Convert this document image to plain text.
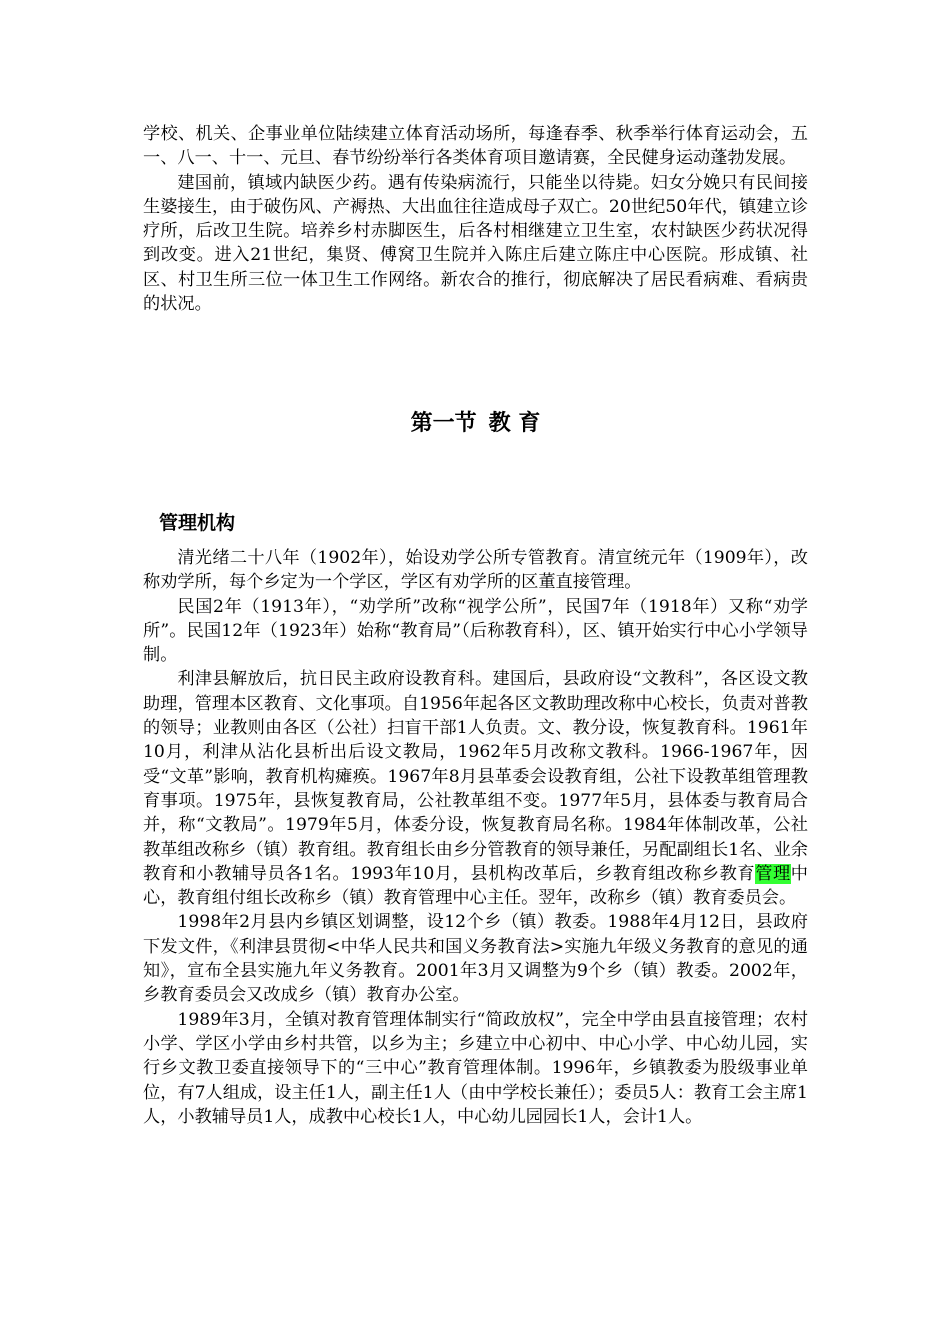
学校、机关、企事业单位陆续建立体育活动场所，每逢春季、秋季举行体育运动会，五一、八一、十一、元旦、春节纷纷举行各类体育项目邀请赛，全民健身运动蓬勃发展。

建国前，镇域内缺医少药。遇有传染病流行，只能坐以待毙。妇女分娩只有民间接生婆接生，由于破伤风、产褥热、大出血往往造成母子双亡。20世纪50年代，镇建立诊疗所，后改卫生院。培养乡村赤脚医生，后各村相继建立卫生室，农村缺医少药状况得到改变。进入21世纪，集贤、傅窝卫生院并入陈庄后建立陈庄中心医院。形成镇、社区、村卫生所三位一体卫生工作网络。新农合的推行，彻底解决了居民看病难、看病贵的状况。

第一节 教 育
管理机构

清光绪二十八年（1902年），始设劝学公所专管教育。清宣统元年（1909年），改称劝学所，每个乡定为一个学区，学区有劝学所的区董直接管理。

民国2年（1913年），“劝学所”改称“视学公所”，民国7年（1918年）又称“劝学所”。民国12年（1923年）始称“教育局”（后称教育科），区、镇开始实行中心小学领导制。

利津县解放后，抗日民主政府设教育科。建国后，县政府设“文教科”，各区设文教助理，管理本区教育、文化事项。自1956年起各区文教助理改称中心校长，负责对普教的领导；业教则由各区（公社）扫盲干部1人负责。文、教分设，恢复教育科。1961年10月，利津从沾化县析出后设文教局，1962年5月改称文教科。1966-1967年，因受“文革”影响，教育机构瘫痪。1967年8月县革委会设教育组，公社下设教革组管理教育事项。1975年，县恢复教育局，公社教革组不变。1977年5月，县体委与教育局合并，称“文教局”。1979年5月，体委分设，恢复教育局名称。1984年体制改革，公社教革组改称乡（镇）教育组。教育组长由乡分管教育的领导兼任，另配副组长1名、业余教育和小教辅导员各1名。1993年10月，县机构改革后，乡教育组改称乡教育管理中心，教育组付组长改称乡（镇）教育管理中心主任。翌年，改称乡（镇）教育委员会。

1998年2月县内乡镇区划调整，设12个乡（镇）教委。1988年4月12日，县政府下发文件，《利津县贯彻<中华人民共和国义务教育法>实施九年级义务教育的意见的通知》，宣布全县实施九年义务教育。2001年3月又调整为9个乡（镇）教委。2002年，乡教育委员会又改成乡（镇）教育办公室。

1989年3月，全镇对教育管理体制实行“简政放权”，完全中学由县直接管理；农村小学、学区小学由乡村共管，以乡为主；乡建立中心初中、中心小学、中心幼儿园，实行乡文教卫委直接领导下的“三中心”教育管理体制。1996年，乡镇教委为股级事业单位，有7人组成，设主任1人，副主任1人（由中学校长兼任）；委员5人：教育工会主席1人，小教辅导员1人，成教中心校长1人，中心幼儿园园长1人，会计1人。
